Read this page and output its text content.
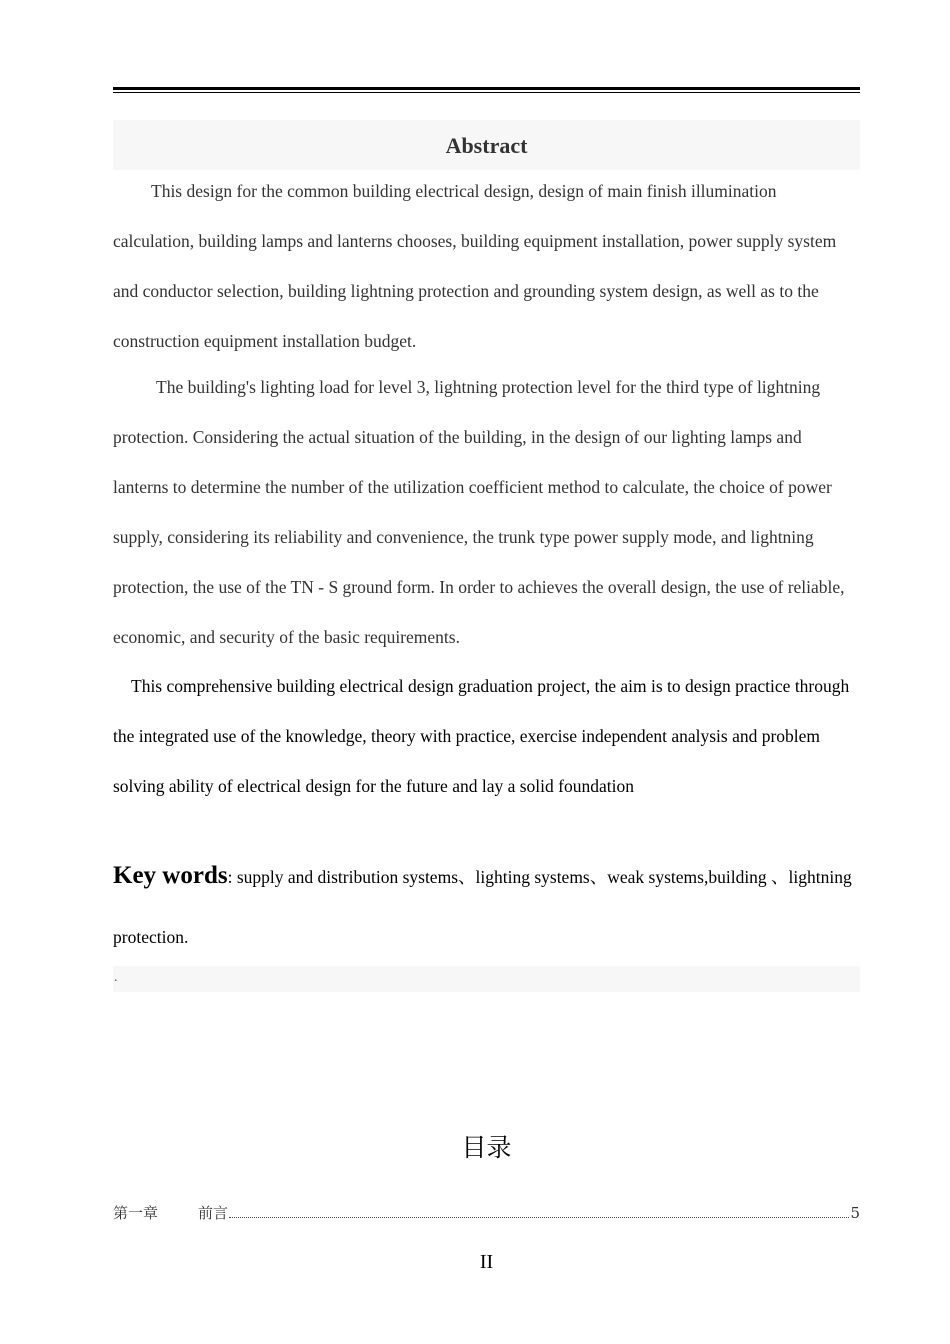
Abstract

This design for the common building electrical design, design of main finish illumination calculation, building lamps and lanterns chooses, building equipment installation, power supply system and conductor selection, building lightning protection and grounding system design, as well as to the construction equipment installation budget.

The building's lighting load for level 3, lightning protection level for the third type of lightning protection. Considering the actual situation of the building, in the design of our lighting lamps and lanterns to determine the number of the utilization coefficient method to calculate, the choice of power supply, considering its reliability and convenience, the trunk type power supply mode, and lightning protection, the use of the TN - S ground form. In order to achieves the overall design, the use of reliable, economic, and security of the basic requirements.

This comprehensive building electrical design graduation project, the aim is to design practice through the integrated use of the knowledge, theory with practice, exercise independent analysis and problem solving ability of electrical design for the future and lay a solid foundation

Key words: supply and distribution systems、lighting systems、weak systems,building 、lightning protection.

.
目录
第一章	前言	5
II
